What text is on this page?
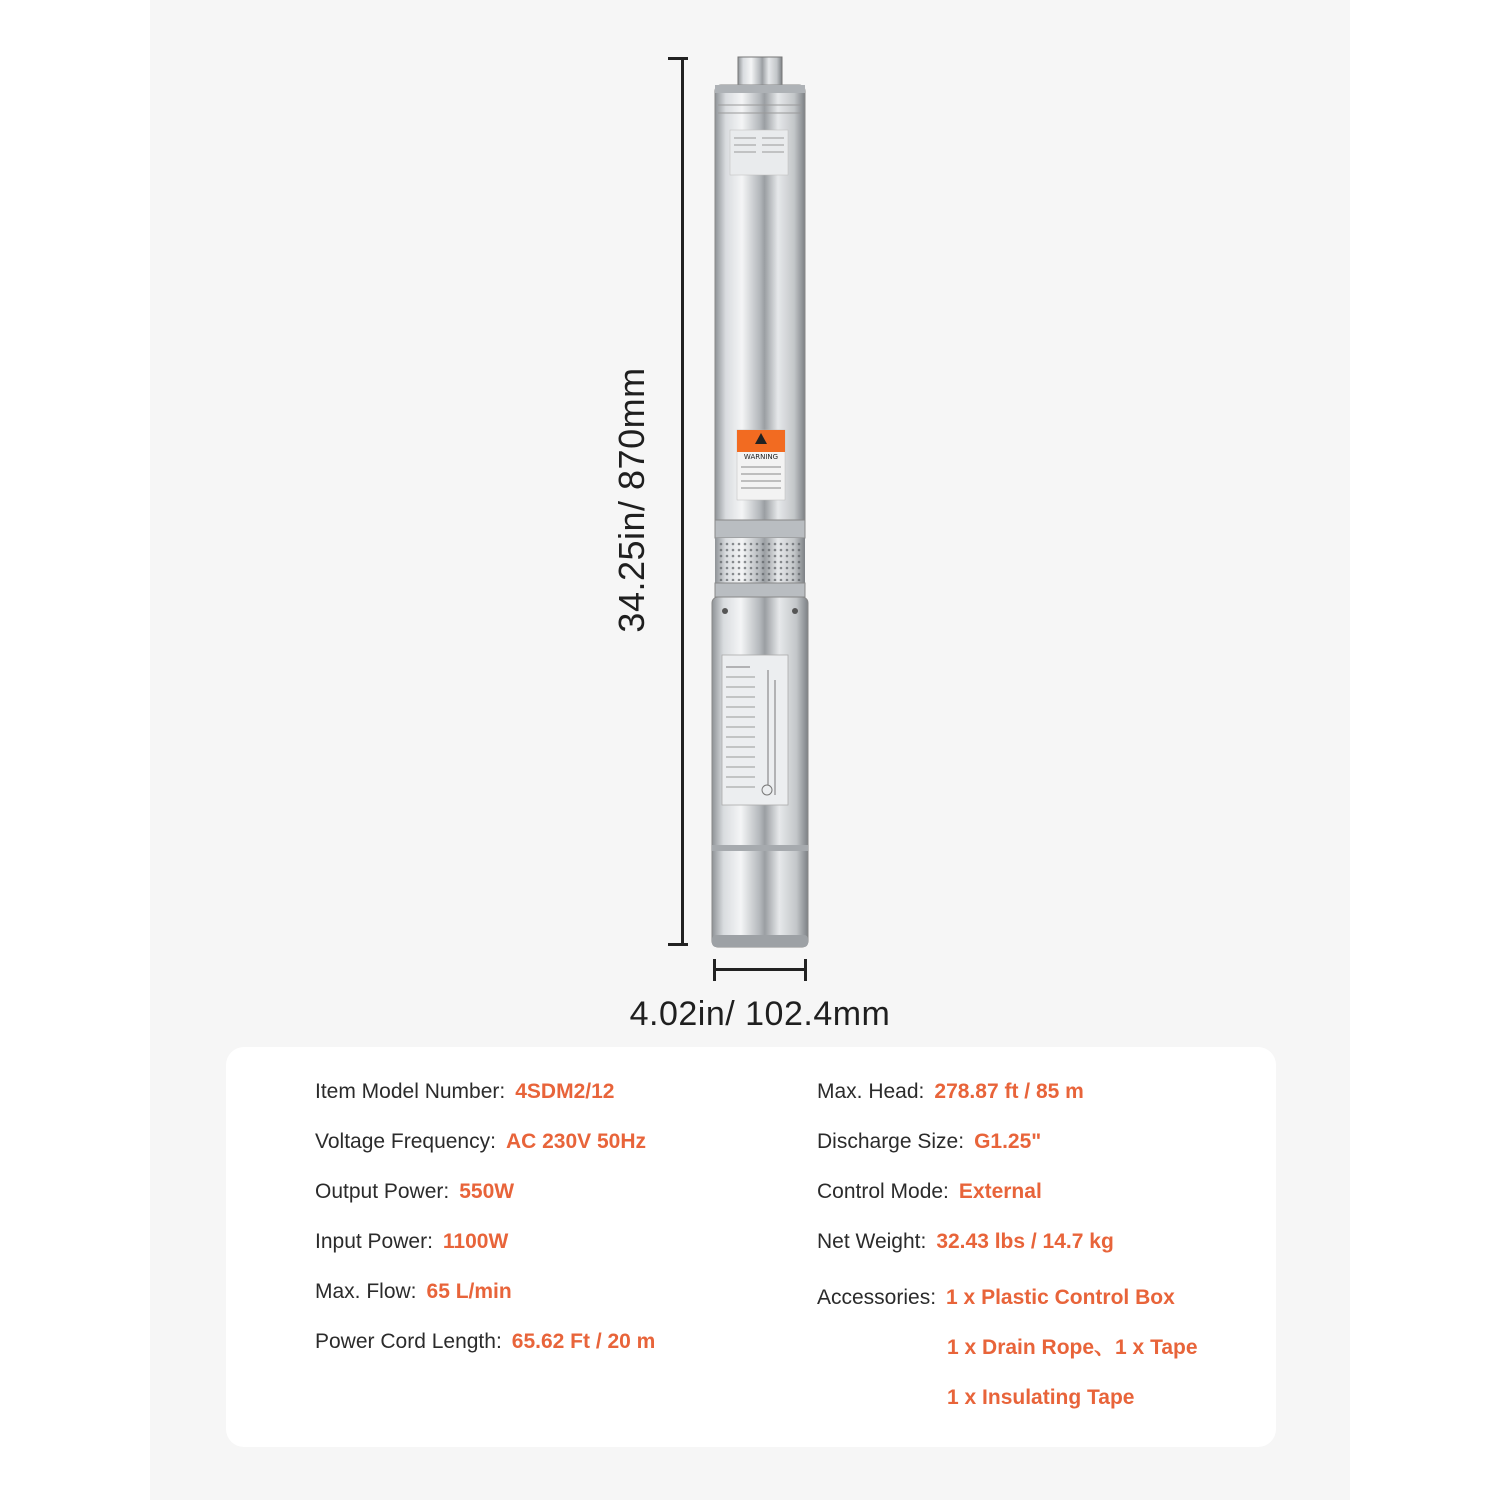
34.25in/ 870mm	WARNING
4.02in/ 102.4mm
Item Model Number: 4SDM2/12
Voltage Frequency: AC 230V 50Hz
Output Power: 550W
Input Power: 1100W
Max. Flow: 65 L/min
Power Cord Length: 65.62 Ft / 20 m
Max. Head: 278.87 ft / 85 m
Discharge Size: G1.25"
Control Mode: External
Net Weight: 32.43 lbs / 14.7 kg
Accessories: 1 x Plastic Control Box
1 x Drain Rope、1 x Tape
1 x Insulating Tape
